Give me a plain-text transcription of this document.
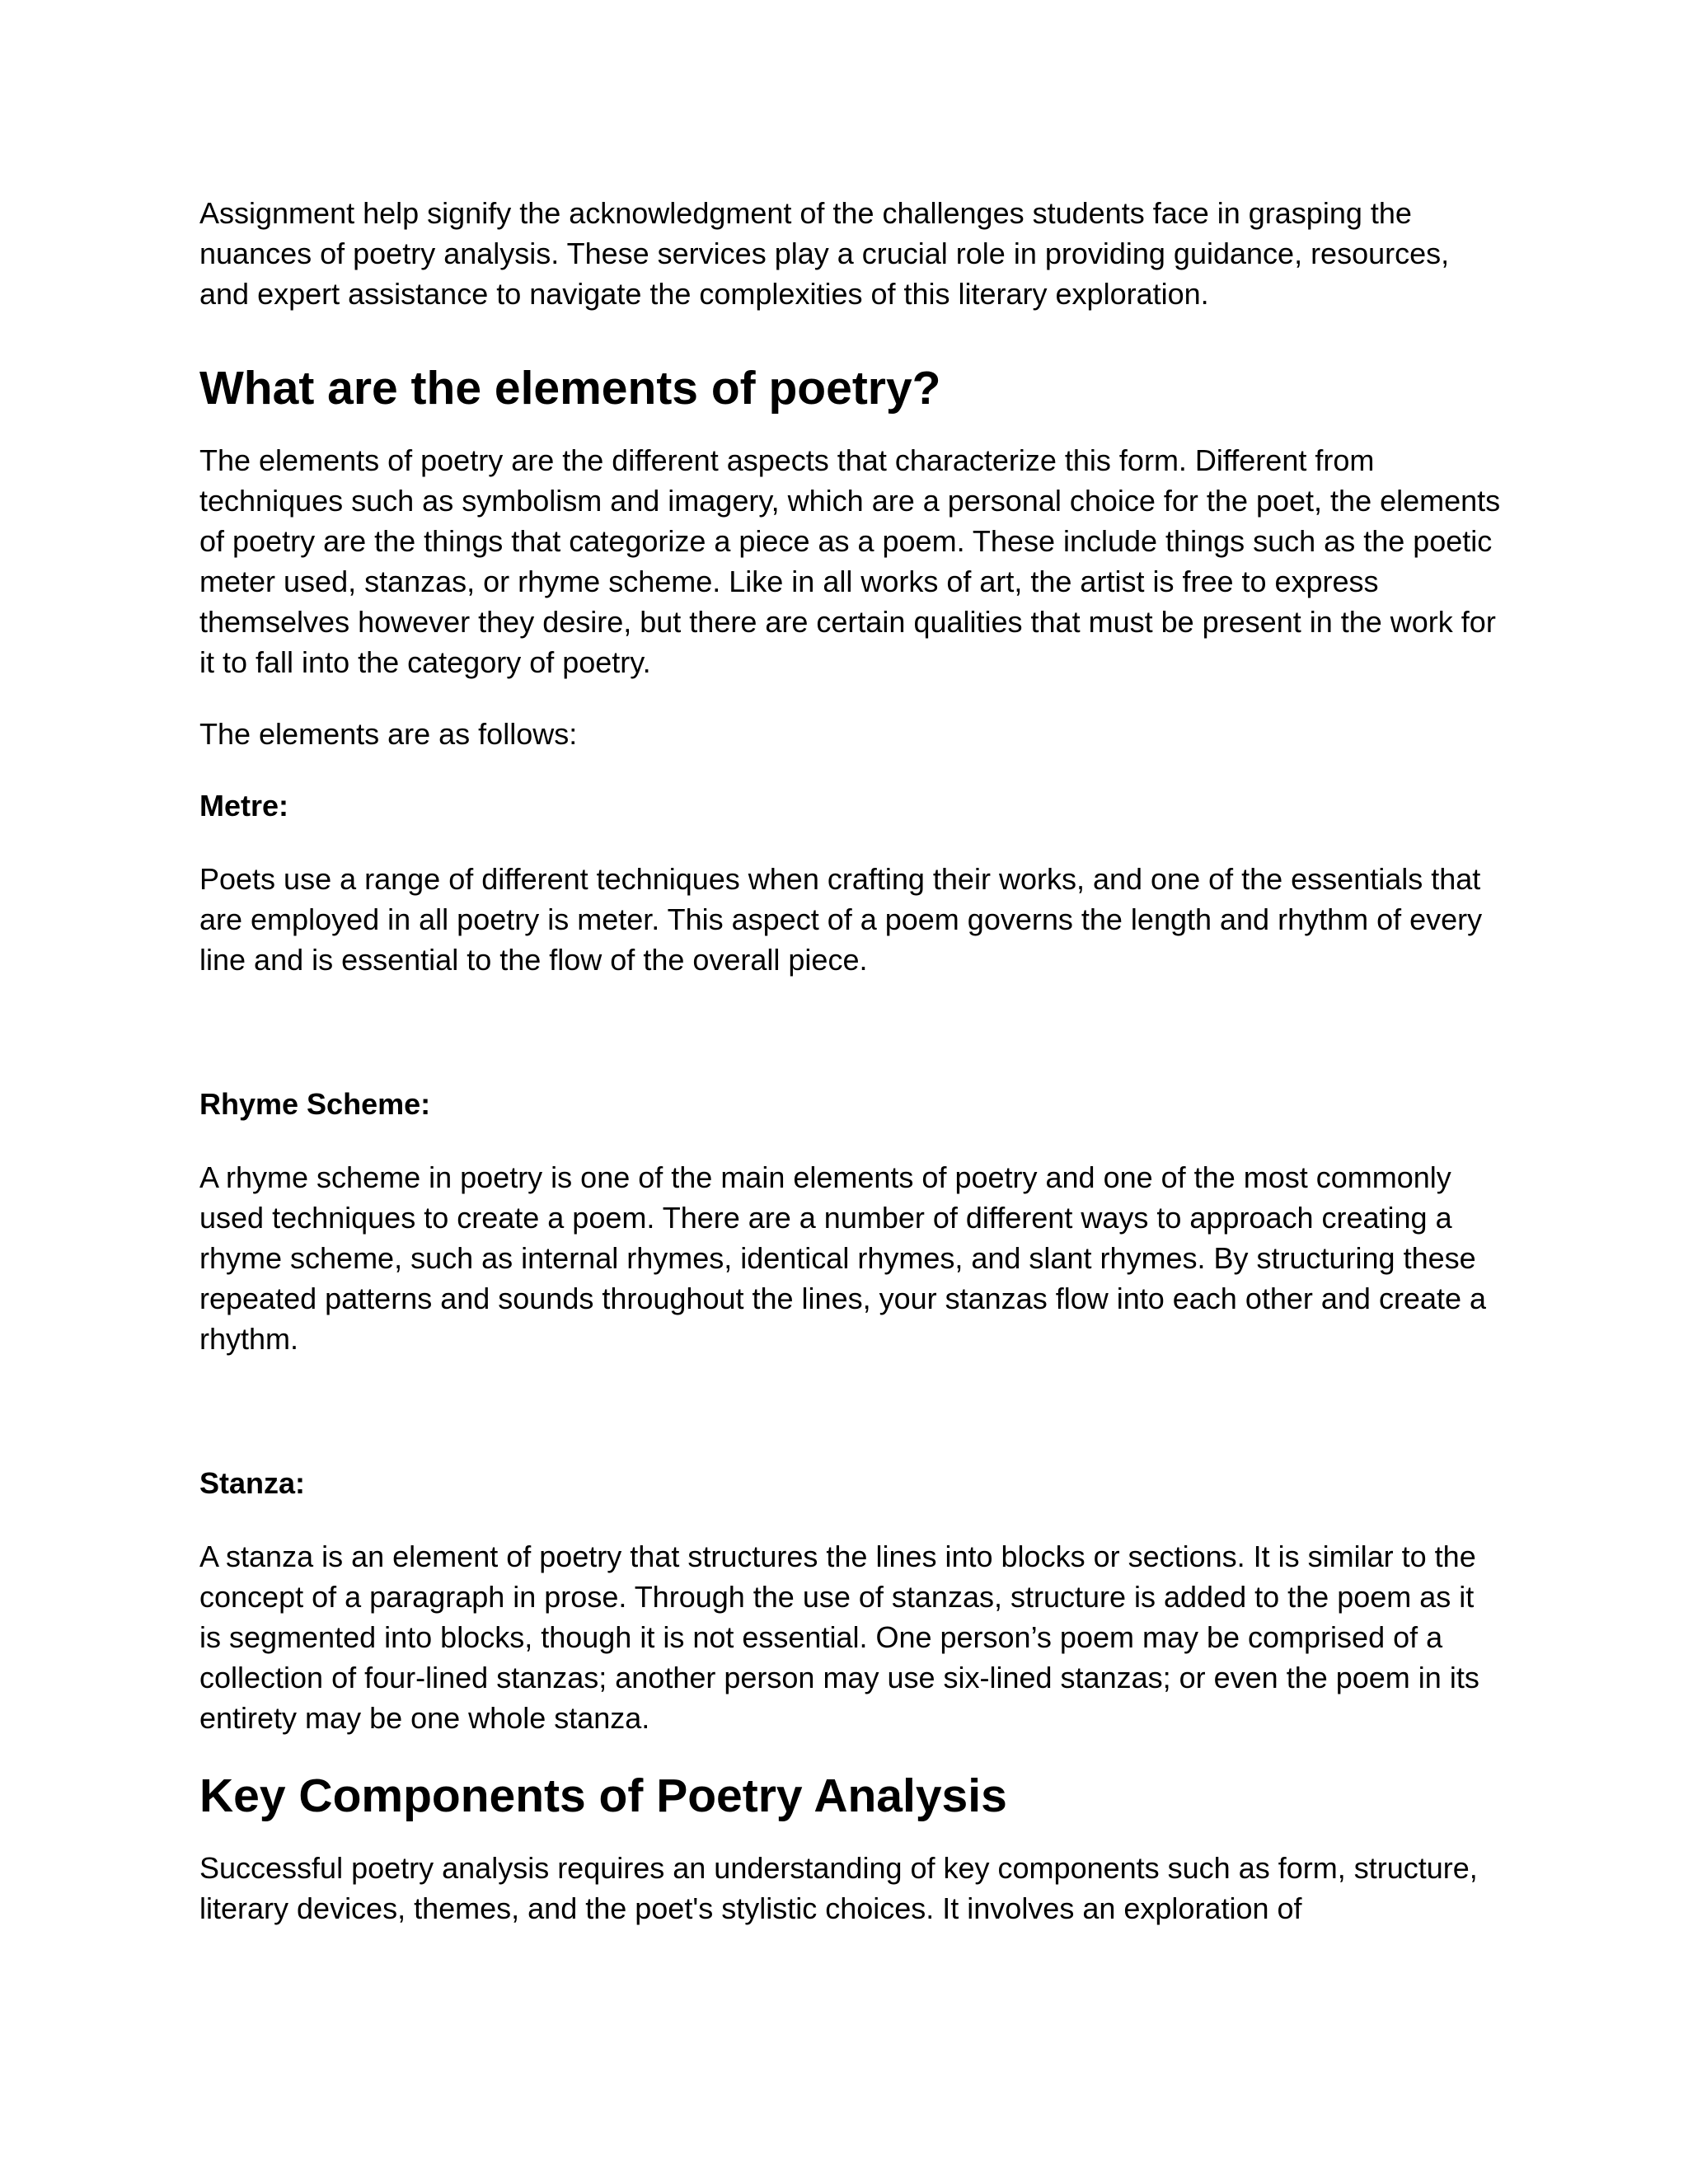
Assignment help signify the acknowledgment of the challenges students face in grasping the nuances of poetry analysis. These services play a crucial role in providing guidance, resources, and expert assistance to navigate the complexities of this literary exploration.

What are the elements of poetry?

The elements of poetry are the different aspects that characterize this form. Different from techniques such as symbolism and imagery, which are a personal choice for the poet, the elements of poetry are the things that categorize a piece as a poem. These include things such as the poetic meter used, stanzas, or rhyme scheme. Like in all works of art, the artist is free to express themselves however they desire, but there are certain qualities that must be present in the work for it to fall into the category of poetry.

The elements are as follows:

Metre:

Poets use a range of different techniques when crafting their works, and one of the essentials that are employed in all poetry is meter. This aspect of a poem governs the length and rhythm of every line and is essential to the flow of the overall piece.

Rhyme Scheme:

A rhyme scheme in poetry is one of the main elements of poetry and one of the most commonly used techniques to create a poem. There are a number of different ways to approach creating a rhyme scheme, such as internal rhymes, identical rhymes, and slant rhymes. By structuring these repeated patterns and sounds throughout the lines, your stanzas flow into each other and create a rhythm.

Stanza:

A stanza is an element of poetry that structures the lines into blocks or sections. It is similar to the concept of a paragraph in prose. Through the use of stanzas, structure is added to the poem as it is segmented into blocks, though it is not essential. One person’s poem may be comprised of a collection of four-lined stanzas; another person may use six-lined stanzas; or even the poem in its entirety may be one whole stanza.

Key Components of Poetry Analysis

Successful poetry analysis requires an understanding of key components such as form, structure, literary devices, themes, and the poet's stylistic choices. It involves an exploration of
